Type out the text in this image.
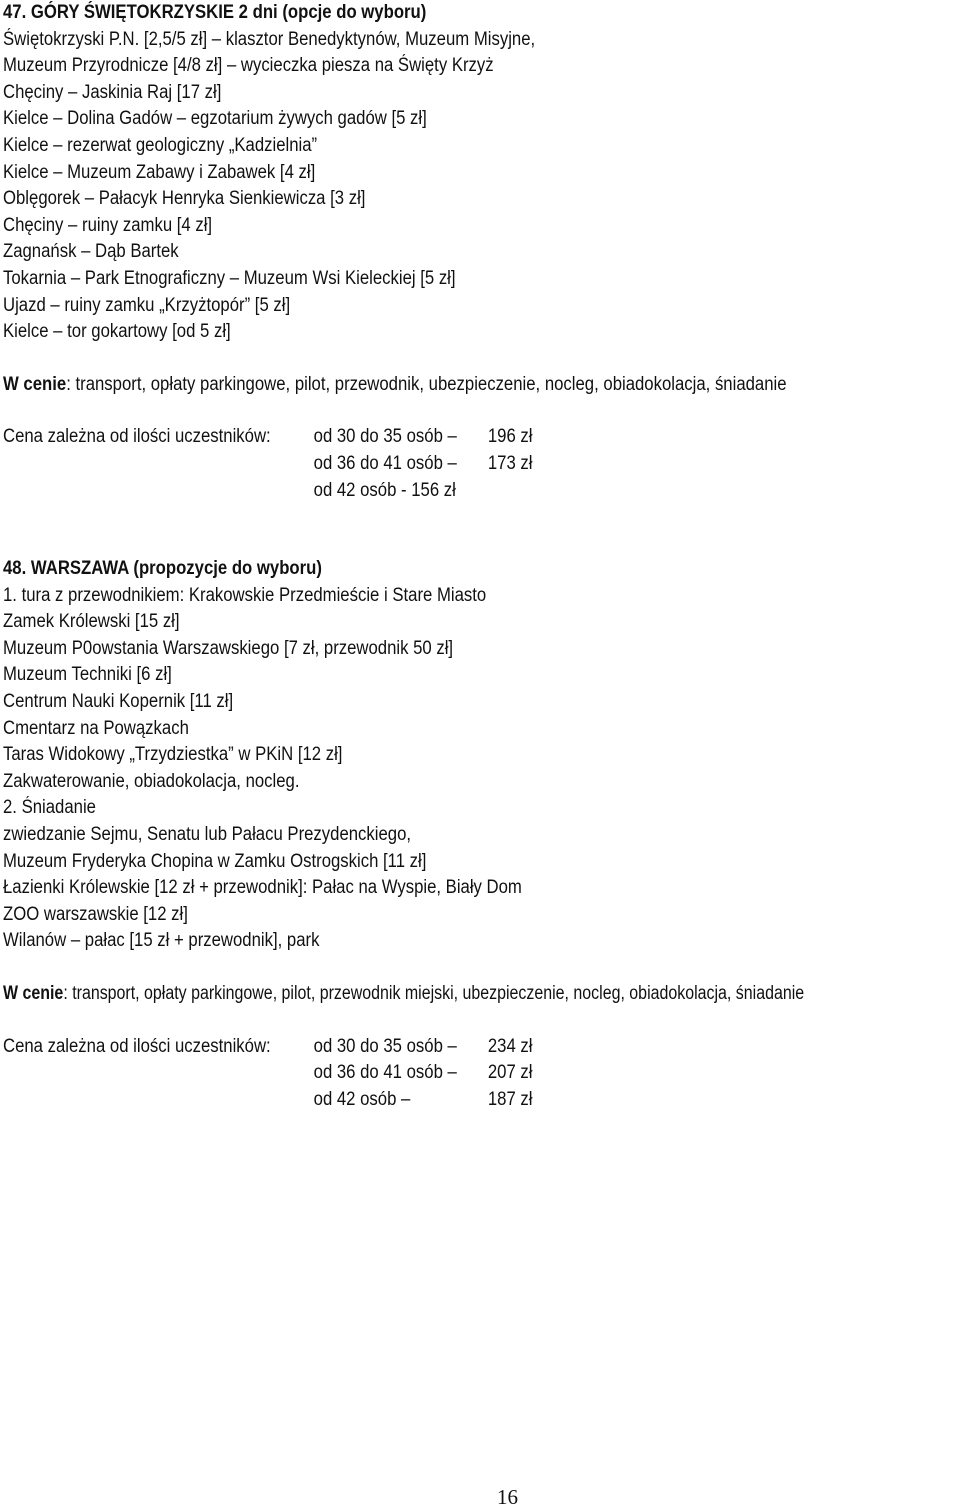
47. GÓRY ŚWIĘTOKRZYSKIE 2 dni (opcje do wyboru)
Świętokrzyski P.N. [2,5/5 zł] – klasztor Benedyktynów, Muzeum Misyjne,
Muzeum Przyrodnicze [4/8 zł] – wycieczka piesza na Święty Krzyż
Chęciny – Jaskinia Raj [17 zł]
Kielce – Dolina Gadów – egzotarium żywych gadów [5 zł]
Kielce – rezerwat geologiczny „Kadzielnia”
Kielce – Muzeum Zabawy i Zabawek [4 zł]
Oblęgorek – Pałacyk Henryka Sienkiewicza [3 zł]
Chęciny – ruiny zamku [4 zł]
Zagnańsk – Dąb Bartek
Tokarnia – Park Etnograficzny – Muzeum Wsi Kieleckiej [5 zł]
Ujazd – ruiny zamku „Krzyżtopór” [5 zł]
Kielce – tor gokartowy [od 5 zł]
W cenie: transport, opłaty parkingowe, pilot, przewodnik, ubezpieczenie, nocleg, obiadokolacja, śniadanie
Cena zależna od ilości uczestników:	od 30 do 35 osób –	196 zł
od 36 do 41 osób –	173 zł
od 42 osób - 156 zł
48. WARSZAWA (propozycje do wyboru)
1. tura z przewodnikiem: Krakowskie Przedmieście i Stare Miasto
Zamek Królewski [15 zł]
Muzeum P0owstania Warszawskiego [7 zł, przewodnik 50 zł]
Muzeum Techniki [6 zł]
Centrum Nauki Kopernik [11 zł]
Cmentarz na Powązkach
Taras Widokowy „Trzydziestka” w PKiN [12 zł]
Zakwaterowanie, obiadokolacja, nocleg.
2. Śniadanie
zwiedzanie Sejmu, Senatu lub Pałacu Prezydenckiego,
Muzeum Fryderyka Chopina w Zamku Ostrogskich [11 zł]
Łazienki Królewskie [12 zł + przewodnik]: Pałac na Wyspie, Biały Dom
ZOO warszawskie [12 zł]
Wilanów – pałac [15 zł + przewodnik], park
W cenie: transport, opłaty parkingowe, pilot, przewodnik miejski, ubezpieczenie, nocleg, obiadokolacja, śniadanie
Cena zależna od ilości uczestników:	od 30 do 35 osób –	234 zł
od 36 do 41 osób –	207 zł
od 42 osób –	187 zł
16
